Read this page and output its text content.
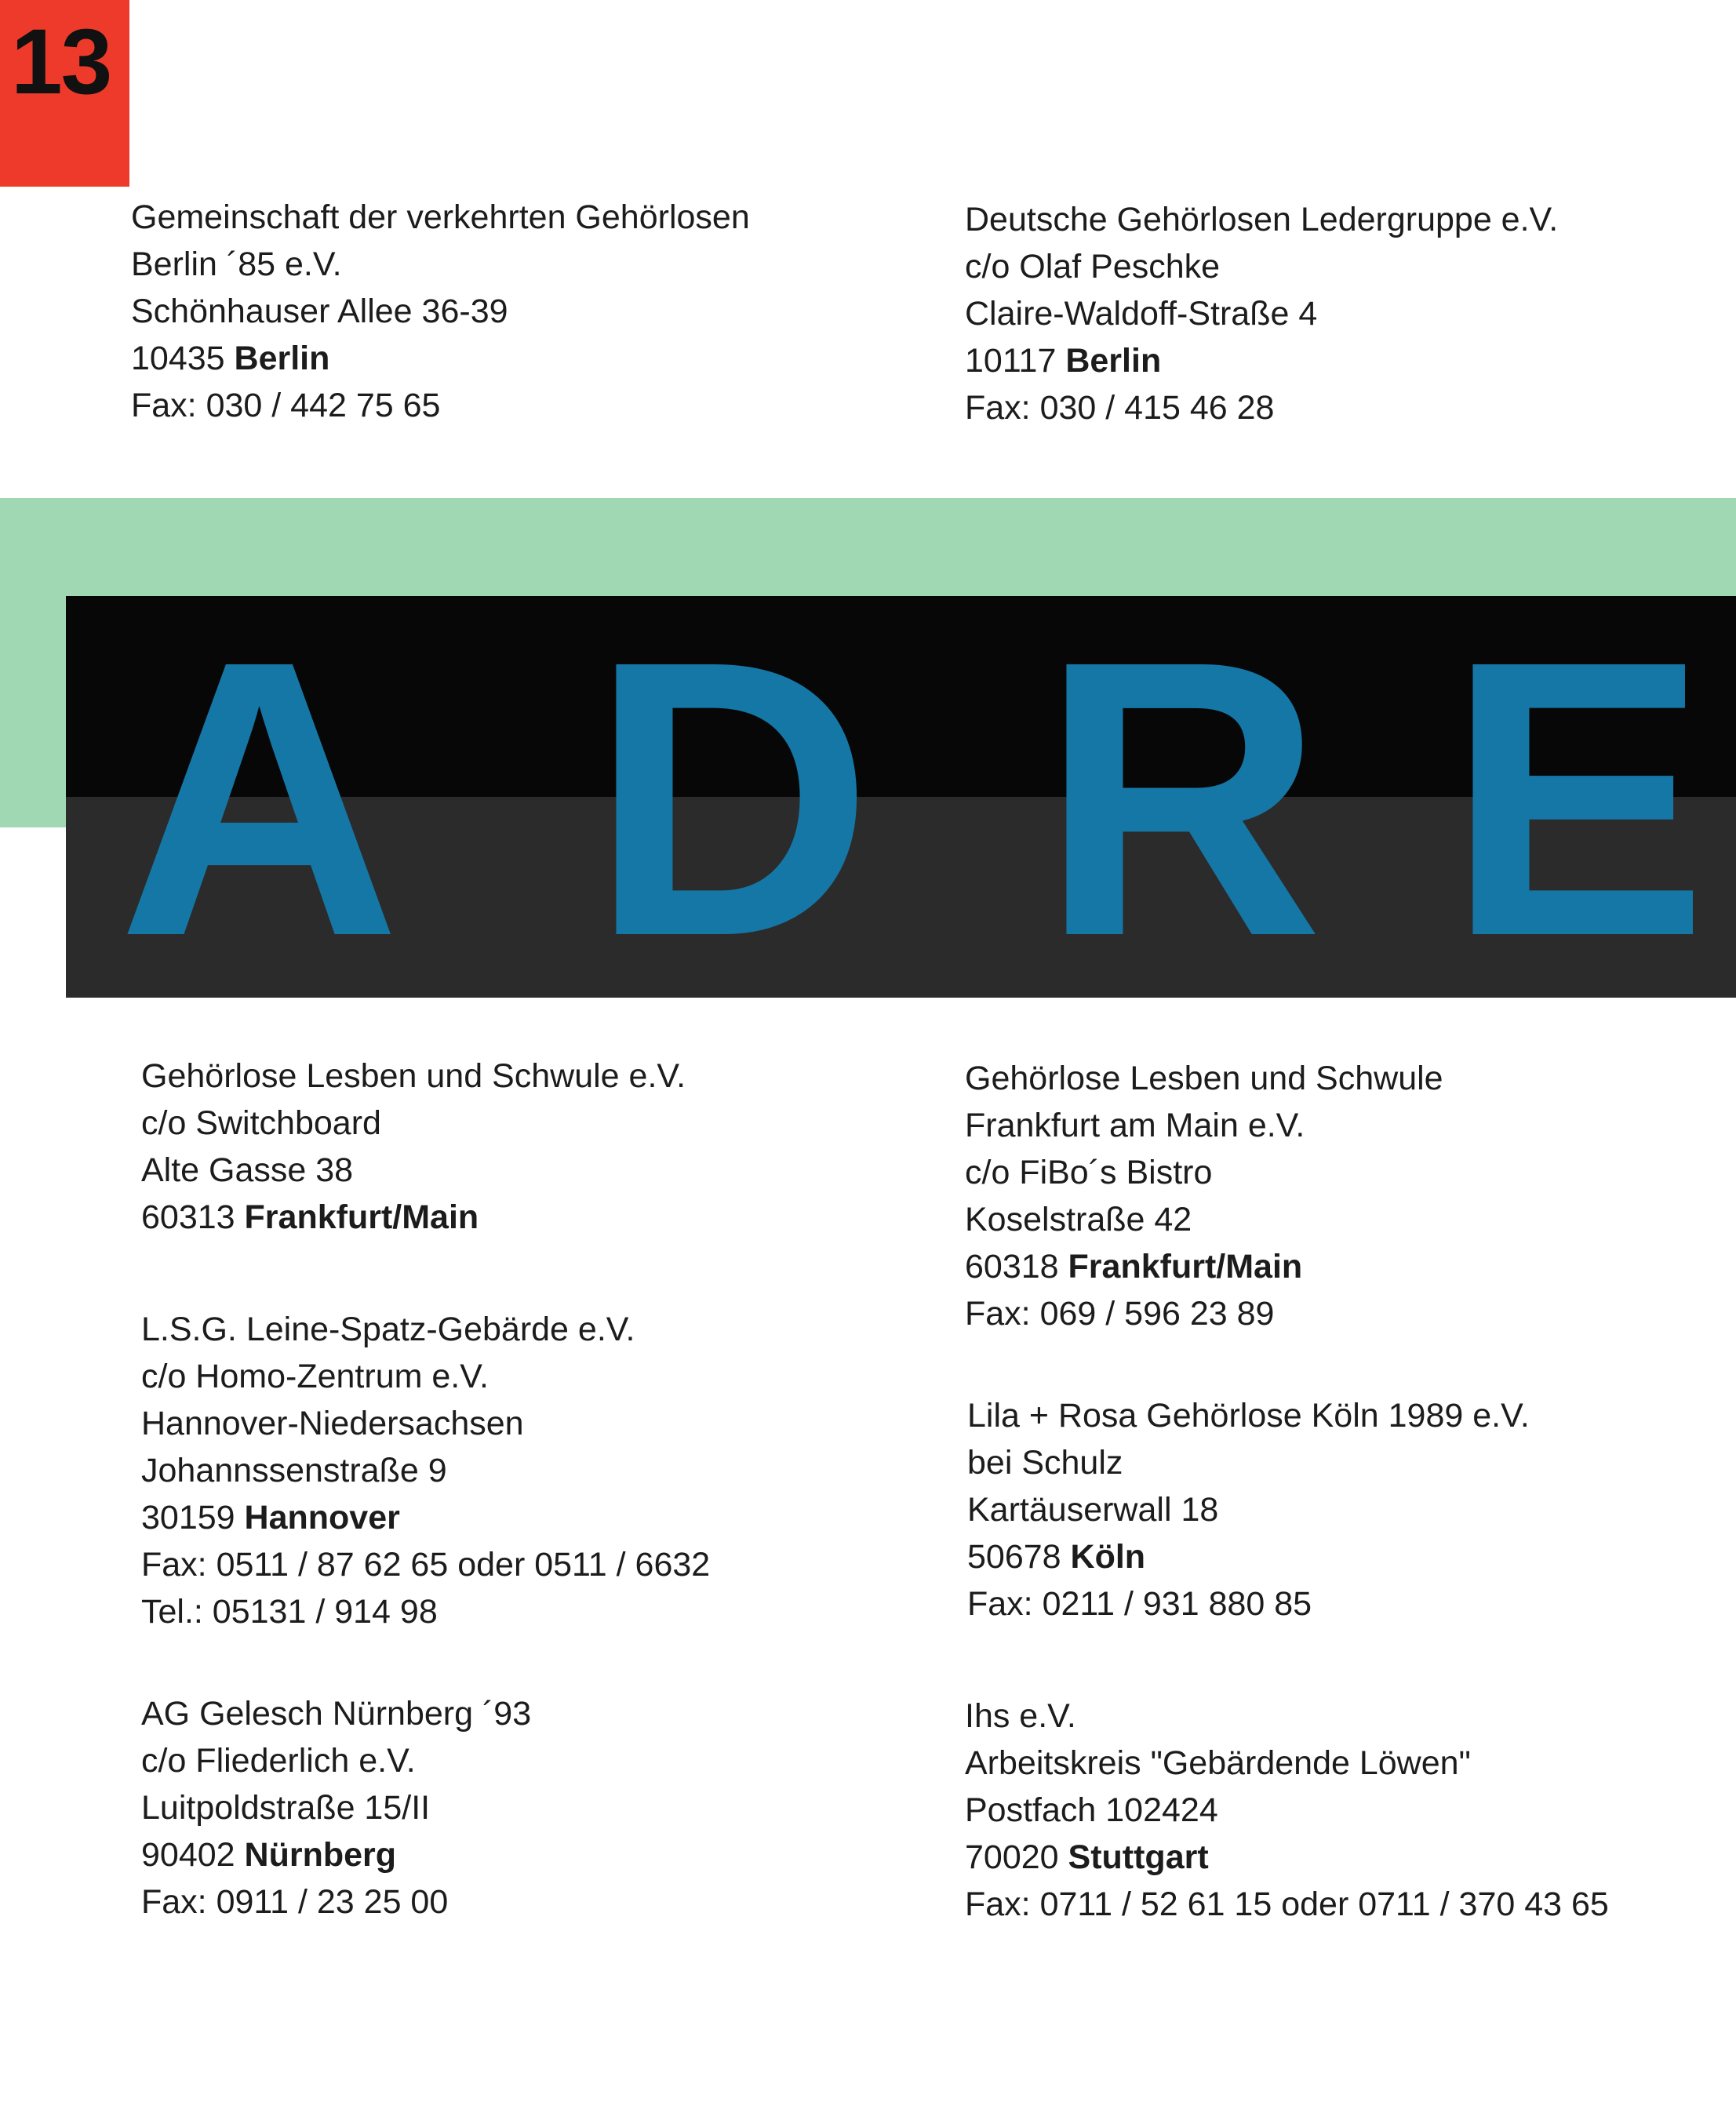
13
Gemeinschaft der verkehrten Gehörlosen
Berlin ´85 e.V.
Schönhauser Allee 36-39
10435 Berlin
Fax: 030 / 442 75 65
Deutsche Gehörlosen Ledergruppe e.V.
c/o Olaf Peschke
Claire-Waldoff-Straße 4
10117 Berlin
Fax: 030 / 415 46 28
A D R E
Gehörlose Lesben und Schwule e.V.
c/o Switchboard
Alte Gasse 38
60313 Frankfurt/Main
L.S.G. Leine-Spatz-Gebärde e.V.
c/o Homo-Zentrum e.V.
Hannover-Niedersachsen
Johannssenstraße 9
30159 Hannover
Fax: 0511 / 87 62 65 oder 0511 / 6632
Tel.: 05131 / 914 98
AG Gelesch Nürnberg ´93
c/o Fliederlich e.V.
Luitpoldstraße 15/II
90402 Nürnberg
Fax: 0911 / 23 25 00
Gehörlose Lesben und Schwule
Frankfurt am Main e.V.
c/o FiBo´s Bistro
Koselstraße 42
60318 Frankfurt/Main
Fax: 069 / 596 23 89
Lila + Rosa Gehörlose Köln 1989 e.V.
bei Schulz
Kartäuserwall 18
50678 Köln
Fax: 0211 / 931 880 85
Ihs e.V.
Arbeitskreis "Gebärdende Löwen"
Postfach 102424
70020 Stuttgart
Fax: 0711 / 52 61 15 oder 0711 / 370 43 65
